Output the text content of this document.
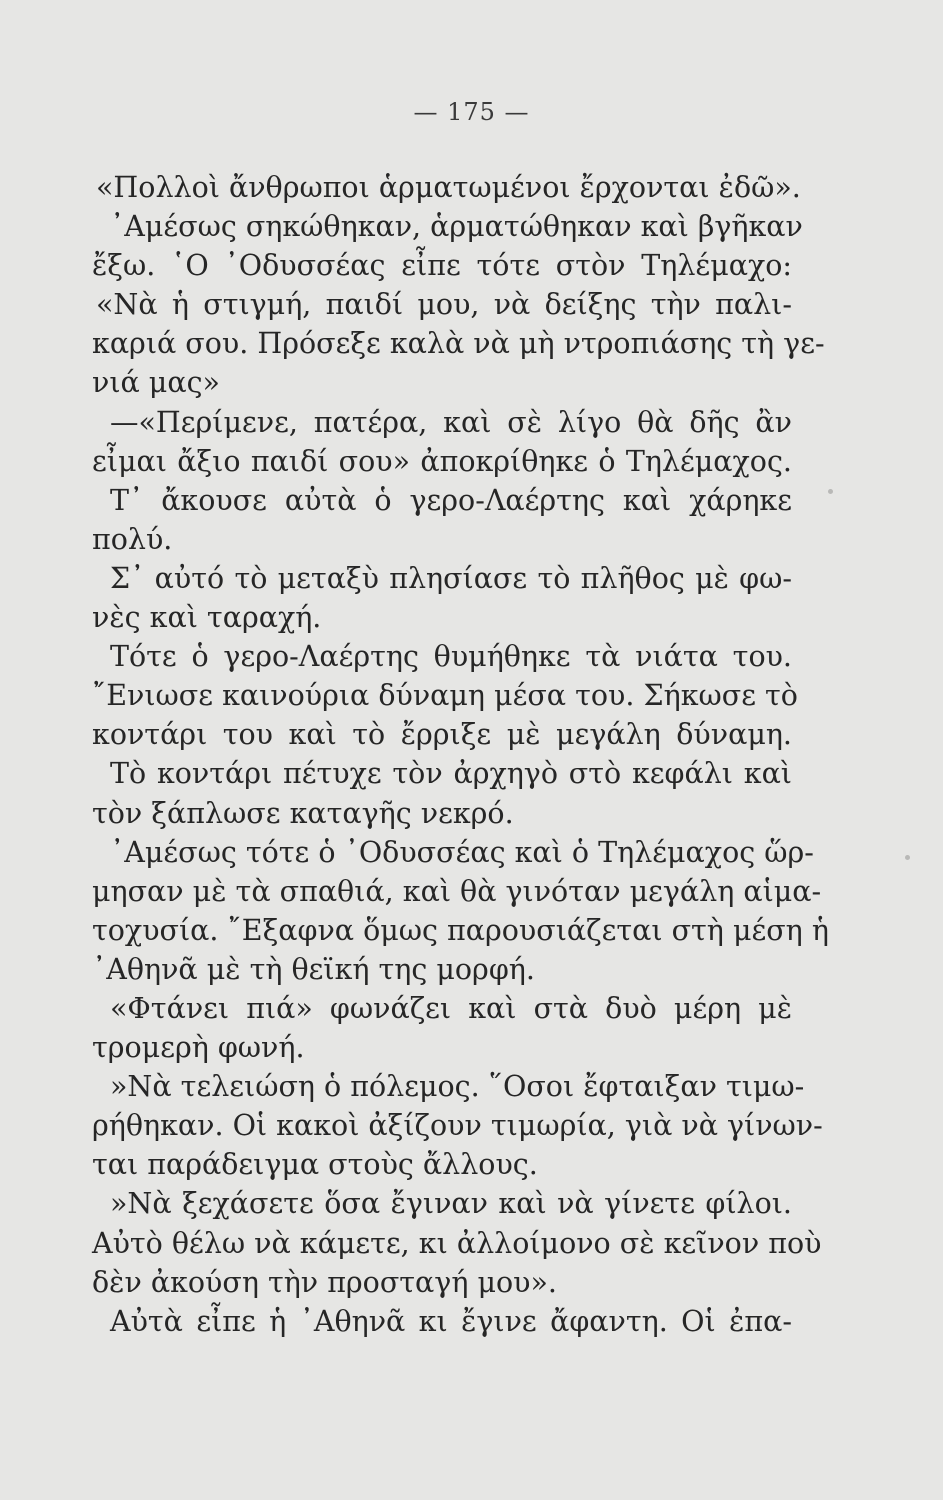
— 175 —
«Πολλοὶ ἄνθρωποι ἁρματωμένοι ἔρχονται ἐδῶ».
᾿Αμέσως σηκώθηκαν, ἁρματώθηκαν καὶ βγῆκαν
ἔξω. ῾Ο ᾿Οδυσσέας εἶπε τότε στὸν Τηλέμαχο:
«Νὰ ἡ στιγμή, παιδί μου, νὰ δείξης τὴν παλι-
καριά σου. Πρόσεξε καλὰ νὰ μὴ ντροπιάσης τὴ γε-
νιά μας»
—«Περίμενε, πατέρα, καὶ σὲ λίγο θὰ δῆς ἂν
εἶμαι ἄξιο παιδί σου» ἀποκρίθηκε ὁ Τηλέμαχος.
Τ᾿ ἄκουσε αὐτὰ ὁ γερο-Λαέρτης καὶ χάρηκε
πολύ.
Σ᾿ αὐτό τὸ μεταξὺ πλησίασε τὸ πλῆθος μὲ φω-
νὲς καὶ ταραχή.
Τότε ὁ γερο-Λαέρτης θυμήθηκε τὰ νιάτα του.
῎Ενιωσε καινούρια δύναμη μέσα του. Σήκωσε τὸ
κοντάρι του καὶ τὸ ἔρριξε μὲ μεγάλη δύναμη.
Τὸ κοντάρι πέτυχε τὸν ἀρχηγὸ στὸ κεφάλι καὶ
τὸν ξάπλωσε καταγῆς νεκρό.
᾿Αμέσως τότε ὁ ᾿Οδυσσέας καὶ ὁ Τηλέμαχος ὥρ-
μησαν μὲ τὰ σπαθιά, καὶ θὰ γινόταν μεγάλη αἱμα-
τοχυσία. ῎Εξαφνα ὅμως παρουσιάζεται στὴ μέση ἡ
᾿Αθηνᾶ μὲ τὴ θεϊκή της μορφή.
«Φτάνει πιά» φωνάζει καὶ στὰ δυὸ μέρη μὲ
τρομερὴ φωνή.
»Νὰ τελειώση ὁ πόλεμος. ῞Οσοι ἔφταιξαν τιμω-
ρήθηκαν. Οἱ κακοὶ ἀξίζουν τιμωρία, γιὰ νὰ γίνων-
ται παράδειγμα στοὺς ἄλλους.
»Νὰ ξεχάσετε ὅσα ἔγιναν καὶ νὰ γίνετε φίλοι.
Αὐτὸ θέλω νὰ κάμετε, κι ἀλλοίμονο σὲ κεῖνον ποὺ
δὲν ἀκούση τὴν προσταγή μου».
Αὐτὰ εἶπε ἡ ᾿Αθηνᾶ κι ἔγινε ἄφαντη. Οἱ ἐπα-
